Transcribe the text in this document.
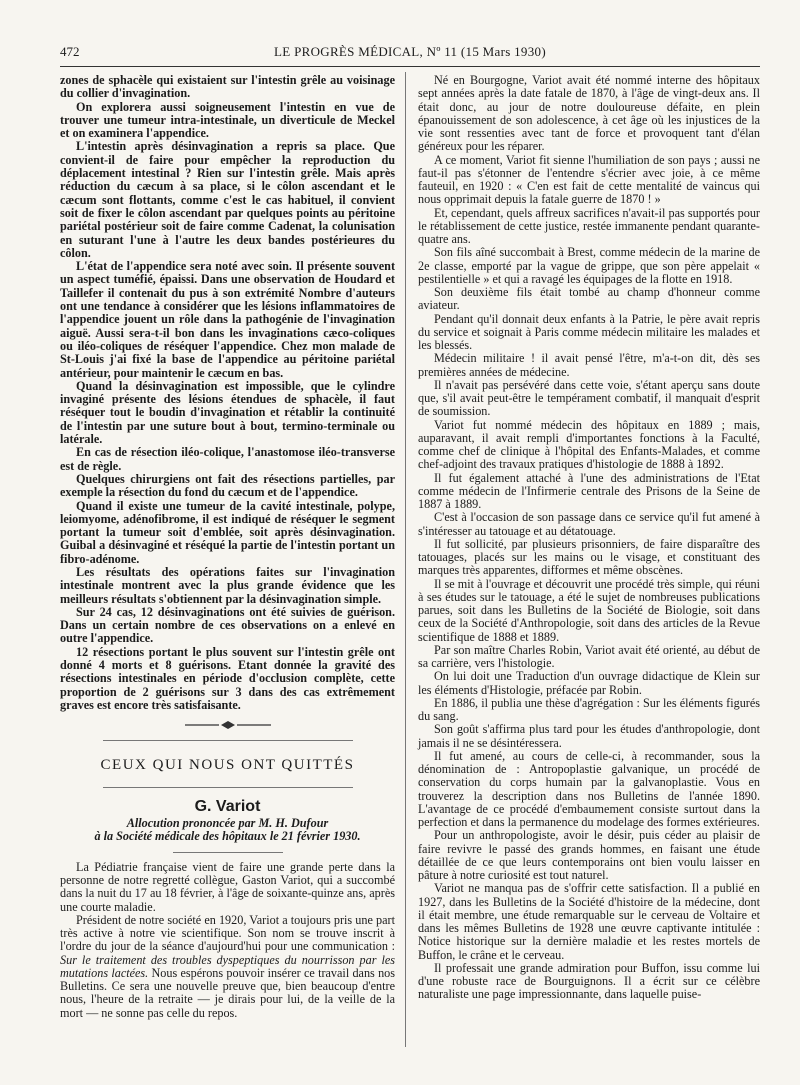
472	LE PROGRÈS MÉDICAL, Nº 11 (15 Mars 1930)

zones de sphacèle qui existaient sur l'intestin grêle au voisinage du collier d'invagination.

On explorera aussi soigneusement l'intestin en vue de trouver une tumeur intra-intestinale, un diverticule de Meckel et on examinera l'appendice.

L'intestin après désinvagination a repris sa place. Que convient-il de faire pour empêcher la reproduction du déplacement intestinal ? Rien sur l'intestin grêle. Mais après réduction du cæcum à sa place, si le côlon ascendant et le cæcum sont flottants, comme c'est le cas habituel, il convient soit de fixer le côlon ascendant par quelques points au péritoine pariétal postérieur soit de faire comme Cadenat, la colunisation en suturant l'une à l'autre les deux bandes postérieures du côlon.

L'état de l'appendice sera noté avec soin. Il présente souvent un aspect tuméfié, épaissi. Dans une observation de Houdard et Taillefer il contenait du pus à son extrémité Nombre d'auteurs ont une tendance à considérer que les lésions inflammatoires de l'appendice jouent un rôle dans la pathogénie de l'invagination aiguë. Aussi sera-t-il bon dans les invaginations cæco-coliques ou iléo-coliques de réséquer l'appendice. Chez mon malade de St-Louis j'ai fixé la base de l'appendice au péritoine pariétal antérieur, pour maintenir le cæcum en bas.

Quand la désinvagination est impossible, que le cylindre invaginé présente des lésions étendues de sphacèle, il faut réséquer tout le boudin d'invagination et rétablir la continuité de l'intestin par une suture bout à bout, termino-terminale ou latérale.

En cas de résection iléo-colique, l'anastomose iléo-transverse est de règle.

Quelques chirurgiens ont fait des résections partielles, par exemple la résection du fond du cæcum et de l'appendice.

Quand il existe une tumeur de la cavité intestinale, polype, leiomyome, adénofibrome, il est indiqué de réséquer le segment portant la tumeur soit d'emblée, soit après désinvagination. Guibal a désinvaginé et réséqué la partie de l'intestin portant un fibro-adénome.

Les résultats des opérations faites sur l'invagination intestinale montrent avec la plus grande évidence que les meilleurs résultats s'obtiennent par la désinvagination simple.

Sur 24 cas, 12 désinvaginations ont été suivies de guérison. Dans un certain nombre de ces observations on a enlevé en outre l'appendice.

12 résections portant le plus souvent sur l'intestin grêle ont donné 4 morts et 8 guérisons. Etant donnée la gravité des résections intestinales en période d'occlusion complète, cette proportion de 2 guérisons sur 3 dans des cas extrêmement graves est encore très satisfaisante.

CEUX QUI NOUS ONT QUITTÉS
G. Variot
Allocution prononcée par M. H. Dufour
à la Société médicale des hôpitaux le 21 février 1930.

La Pédiatrie française vient de faire une grande perte dans la personne de notre regretté collègue, Gaston Variot, qui a succombé dans la nuit du 17 au 18 février, à l'âge de soixante-quinze ans, après une courte maladie.

Président de notre société en 1920, Variot a toujours pris une part très active à notre vie scientifique. Son nom se trouve inscrit à l'ordre du jour de la séance d'aujourd'hui pour une communication : Sur le traitement des troubles dyspeptiques du nourrisson par les mutations lactées. Nous espérons pouvoir insérer ce travail dans nos Bulletins. Ce sera une nouvelle preuve que, bien beaucoup d'entre nous, l'heure de la retraite — je dirais pour lui, de la veille de la mort — ne sonne pas celle du repos.

Né en Bourgogne, Variot avait été nommé interne des hôpitaux sept années après la date fatale de 1870, à l'âge de vingt-deux ans. Il était donc, au jour de notre douloureuse défaite, en plein épanouissement de son adolescence, à cet âge où les injustices de la vie sont ressenties avec tant de force et provoquent tant d'élan généreux pour les réparer.

A ce moment, Variot fit sienne l'humiliation de son pays ; aussi ne faut-il pas s'étonner de l'entendre s'écrier avec joie, à ce même fauteuil, en 1920 : « C'en est fait de cette mentalité de vaincus qui nous opprimait depuis la fatale guerre de 1870 ! »

Et, cependant, quels affreux sacrifices n'avait-il pas supportés pour le rétablissement de cette justice, restée immanente pendant quarante-quatre ans.

Son fils aîné succombait à Brest, comme médecin de la marine de 2e classe, emporté par la vague de grippe, que son père appelait « pestilentielle » et qui a ravagé les équipages de la flotte en 1918.

Son deuxième fils était tombé au champ d'honneur comme aviateur.

Pendant qu'il donnait deux enfants à la Patrie, le père avait repris du service et soignait à Paris comme médecin militaire les malades et les blessés.

Médecin militaire ! il avait pensé l'être, m'a-t-on dit, dès ses premières années de médecine.

Il n'avait pas persévéré dans cette voie, s'étant aperçu sans doute que, s'il avait peut-être le tempérament combatif, il manquait d'esprit de soumission.

Variot fut nommé médecin des hôpitaux en 1889 ; mais, auparavant, il avait rempli d'importantes fonctions à la Faculté, comme chef de clinique à l'hôpital des Enfants-Malades, et comme chef-adjoint des travaux pratiques d'histologie de 1888 à 1892.

Il fut également attaché à l'une des administrations de l'Etat comme médecin de l'Infirmerie centrale des Prisons de la Seine de 1887 à 1889.

C'est à l'occasion de son passage dans ce service qu'il fut amené à s'intéresser au tatouage et au détatouage.

Il fut sollicité, par plusieurs prisonniers, de faire disparaître des tatouages, placés sur les mains ou le visage, et constituant des marques très apparentes, difformes et même obscènes.

Il se mit à l'ouvrage et découvrit une procédé très simple, qui réuni à ses études sur le tatouage, a été le sujet de nombreuses publications parues, soit dans les Bulletins de la Société de Biologie, soit dans ceux de la Société d'Anthropologie, soit dans des articles de la Revue scientifique de 1888 et 1889.

Par son maître Charles Robin, Variot avait été orienté, au début de sa carrière, vers l'histologie.

On lui doit une Traduction d'un ouvrage didactique de Klein sur les éléments d'Histologie, préfacée par Robin.

En 1886, il publia une thèse d'agrégation : Sur les éléments figurés du sang.

Son goût s'affirma plus tard pour les études d'anthropologie, dont jamais il ne se désintéressera.

Il fut amené, au cours de celle-ci, à recommander, sous la dénomination de : Antropoplastie galvanique, un procédé de conservation du corps humain par la galvanoplastie. Vous en trouverez la description dans nos Bulletins de l'année 1890. L'avantage de ce procédé d'embaumement consiste surtout dans la perfection et dans la permanence du modelage des formes extérieures.

Pour un anthropologiste, avoir le désir, puis céder au plaisir de faire revivre le passé des grands hommes, en faisant une étude détaillée de ce que leurs contemporains ont bien voulu laisser en pâture à notre curiosité est tout naturel.

Variot ne manqua pas de s'offrir cette satisfaction. Il a publié en 1927, dans les Bulletins de la Société d'histoire de la médecine, dont il était membre, une étude remarquable sur le cerveau de Voltaire et dans les mêmes Bulletins de 1928 une œuvre captivante intitulée : Notice historique sur la dernière maladie et les restes mortels de Buffon, le crâne et le cerveau.

Il professait une grande admiration pour Buffon, issu comme lui d'une robuste race de Bourguignons. Il a écrit sur ce célèbre naturaliste une page impressionnante, dans laquelle puise-
